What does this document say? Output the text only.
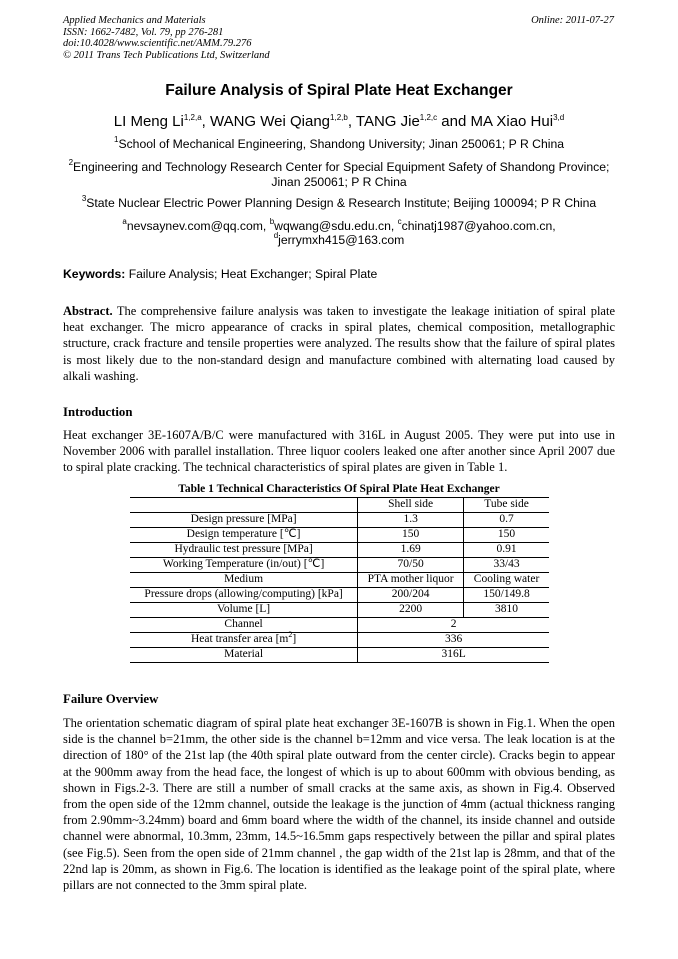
Applied Mechanics and Materials
ISSN: 1662-7482, Vol. 79, pp 276-281
doi:10.4028/www.scientific.net/AMM.79.276
© 2011 Trans Tech Publications Ltd, Switzerland
Online: 2011-07-27
Failure Analysis of Spiral Plate Heat Exchanger
LI Meng Li$^{1,2,a}$, WANG Wei Qiang$^{1,2,b}$, TANG Jie$^{1,2,c}$ and MA Xiao Hui$^{3,d}$
$^1$School of Mechanical Engineering, Shandong University; Jinan 250061; P R China
$^2$Engineering and Technology Research Center for Special Equipment Safety of Shandong Province;
Jinan 250061; P R China
$^3$State Nuclear Electric Power Planning Design & Research Institute; Beijing 100094; P R China
$^a$nevsaynev.com@qq.com, $^b$wqwang@sdu.edu.cn, $^c$chinatj1987@yahoo.com.cn,
$^d$jerrymxh415@163.com
Keywords: Failure Analysis; Heat Exchanger; Spiral Plate
Abstract. The comprehensive failure analysis was taken to investigate the leakage initiation of spiral plate heat exchanger. The micro appearance of cracks in spiral plates, chemical composition, metallographic structure, crack fracture and tensile properties were analyzed. The results show that the failure of spiral plates is most likely due to the non-standard design and manufacture combined with alternating load caused by alkali washing.
Introduction
Heat exchanger 3E-1607A/B/C were manufactured with 316L in August 2005. They were put into use in November 2006 with parallel installation. Three liquor coolers leaked one after another since April 2007 due to spiral plate cracking. The technical characteristics of spiral plates are given in Table 1.
Table 1 Technical Characteristics Of Spiral Plate Heat Exchanger
	Shell side	Tube side
Design pressure [MPa]	1.3	0.7
Design temperature [℃]	150	150
Hydraulic test pressure [MPa]	1.69	0.91
Working Temperature (in/out) [℃]	70/50	33/43
Medium	PTA mother liquor	Cooling water
Pressure drops (allowing/computing) [kPa]	200/204	150/149.8
Volume [L]	2200	3810
Channel	2	
Heat transfer area $[m^2]$	336	
Material	316L	
Failure Overview
The orientation schematic diagram of spiral plate heat exchanger 3E-1607B is shown in Fig.1. When the open side is the channel b=21mm, the other side is the channel b=12mm and vice versa. The leak location is at the direction of 180° of the 21st lap (the 40th spiral plate outward from the center circle). Cracks begin to appear at the 900mm away from the head face, the longest of which is up to about 600mm with obvious bending, as shown in Figs.2-3. There are still a number of small cracks at the same axis, as shown in Fig.4. Observed from the open side of the 12mm channel, outside the leakage is the junction of 4mm (actual thickness ranging from 2.90mm~3.24mm) board and 6mm board where the width of the channel, its inside channel and outside channel were abnormal, 10.3mm, 23mm, 14.5~16.5mm gaps respectively between the pillar and spiral plates (see Fig.5). Seen from the open side of 21mm channel , the gap width of the 21st lap is 28mm, and that of the 22nd lap is 20mm, as shown in Fig.6. The location is identified as the leakage point of the spiral plate, where pillars are not connected to the 3mm spiral plate.
